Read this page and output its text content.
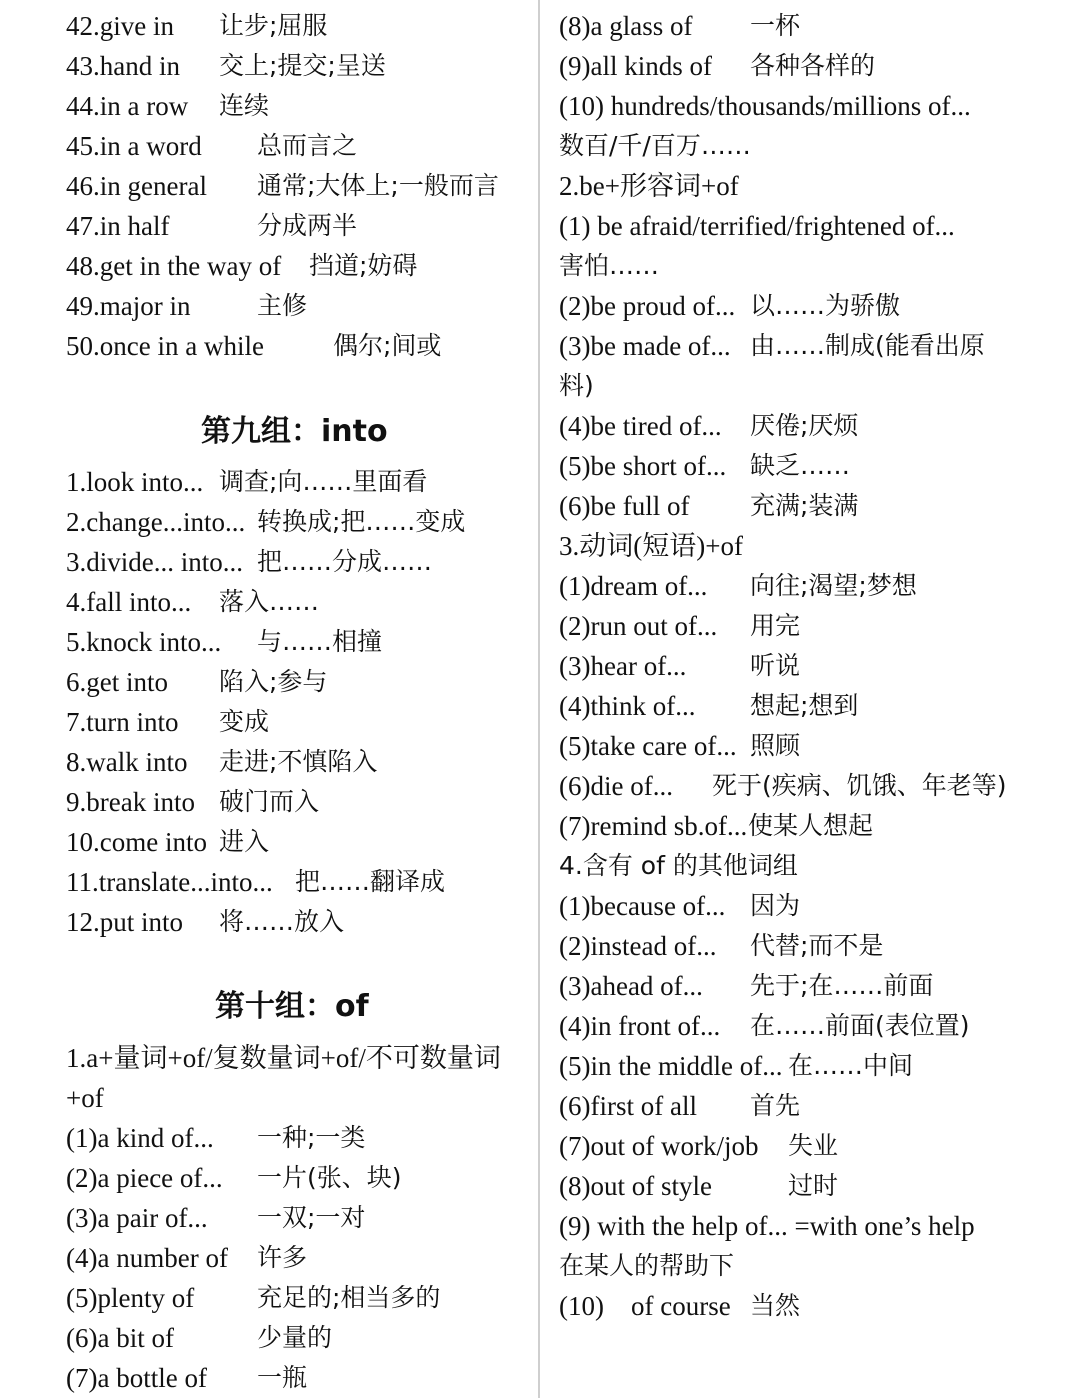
42.give in 让步;屈服
43.hand in 交上;提交;呈送
44.in a row 连续
45.in a word 总而言之
46.in general 通常;大体上;一般而言
47.in half	分成两半
48.get in the way of 挡道;妨碍
49.major in	主修
50.once in a while	偶尔;间或
第九组：into
1.look into... 调查;向……里面看
2.change...into... 转换成;把……变成
3.divide... into... 把……分成……
4.fall into... 落入……
5.knock into... 与……相撞
6.get into 陷入;参与
7.turn into 变成
8.walk into 走进;不慎陷入
9.break into 破门而入
10.come into 进入
11.translate...into... 把……翻译成
12.put into 将……放入
第十组：of
1.a+量词+of/复数量词+of/不可数量词
+of
(1)a kind of... 一种;一类
(2)a piece of... 一片(张、块)
(3)a pair of... 一双;一对
(4)a number of 许多
(5)plenty of	充足的;相当多的
(6)a bit of	少量的
(7)a bottle of 一瓶
(8)a glass of 一杯
(9)all kinds of 各种各样的
(10) hundreds/thousands/millions of...
数百/千/百万……
2.be+形容词+of
(1) be afraid/terrified/frightened of...
害怕……
(2)be proud of... 以……为骄傲
(3)be made of... 由……制成(能看出原
料)
(4)be tired of... 厌倦;厌烦
(5)be short of... 缺乏……
(6)be full of 充满;装满
3.动词(短语)+of
(1)dream of... 向往;渴望;梦想
(2)run out of... 用完
(3)hear of...	听说
(4)think of... 想起;想到
(5)take care of... 照顾
(6)die of... 死于(疾病、饥饿、年老等)
(7)remind sb.of... 使某人想起
4.含有 of 的其他词组
(1)because of... 因为
(2)instead of... 代替;而不是
(3)ahead of... 先于;在……前面
(4)in front of... 在……前面(表位置)
(5)in the middle of... 在……中间
(6)first of all 首先
(7)out of work/job 失业
(8)out of style	过时
(9) with the help of... =with one’s help
在某人的帮助下
(10)    of course 当然
